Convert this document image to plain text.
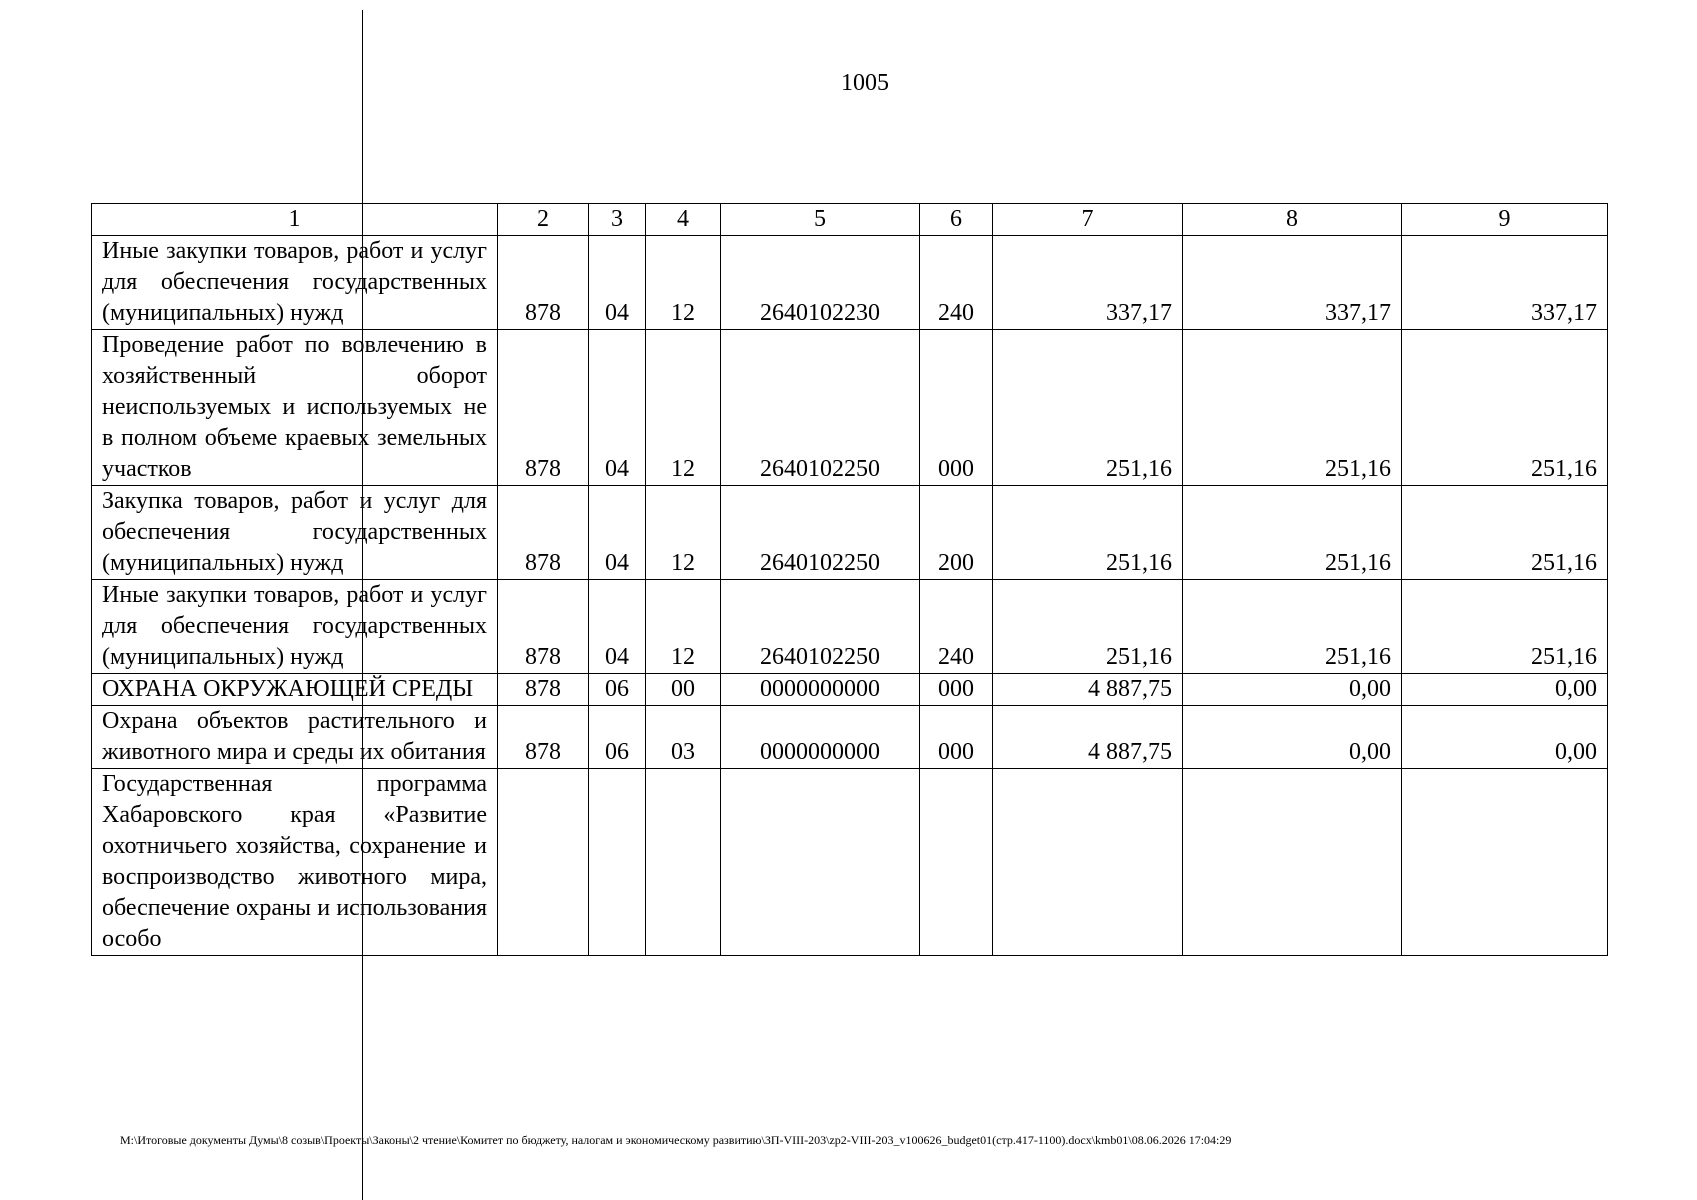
1005
1	2	3	4	5	6	7	8	9
Иные закупки товаров, работ и услуг для обеспечения государственных (муниципальных) нужд	878	04	12	2640102230	240	337,17	337,17	337,17
Проведение работ по вовлечению в хозяйственный оборот неиспользуемых и используемых не в полном объеме краевых земельных участков	878	04	12	2640102250	000	251,16	251,16	251,16
Закупка товаров, работ и услуг для обеспечения государственных (муниципальных) нужд	878	04	12	2640102250	200	251,16	251,16	251,16
Иные закупки товаров, работ и услуг для обеспечения государственных (муниципальных) нужд	878	04	12	2640102250	240	251,16	251,16	251,16
ОХРАНА ОКРУЖАЮЩЕЙ СРЕДЫ	878	06	00	0000000000	000	4 887,75	0,00	0,00
Охрана объектов растительного и животного мира и среды их обитания	878	06	03	0000000000	000	4 887,75	0,00	0,00
Государственная программа Хабаровского края «Развитие охотничьего хозяйства, сохранение и воспроизводство животного мира, обеспечение охраны и использования особо								
M:\Итоговые документы Думы\8 созыв\Проекты\Законы\2 чтение\Комитет по бюджету, налогам и экономическому развитию\ЗП-VIII-203\zp2-VIII-203_v100626_budget01(стр.417-1100).docx\kmb01\08.06.2026 17:04:29
